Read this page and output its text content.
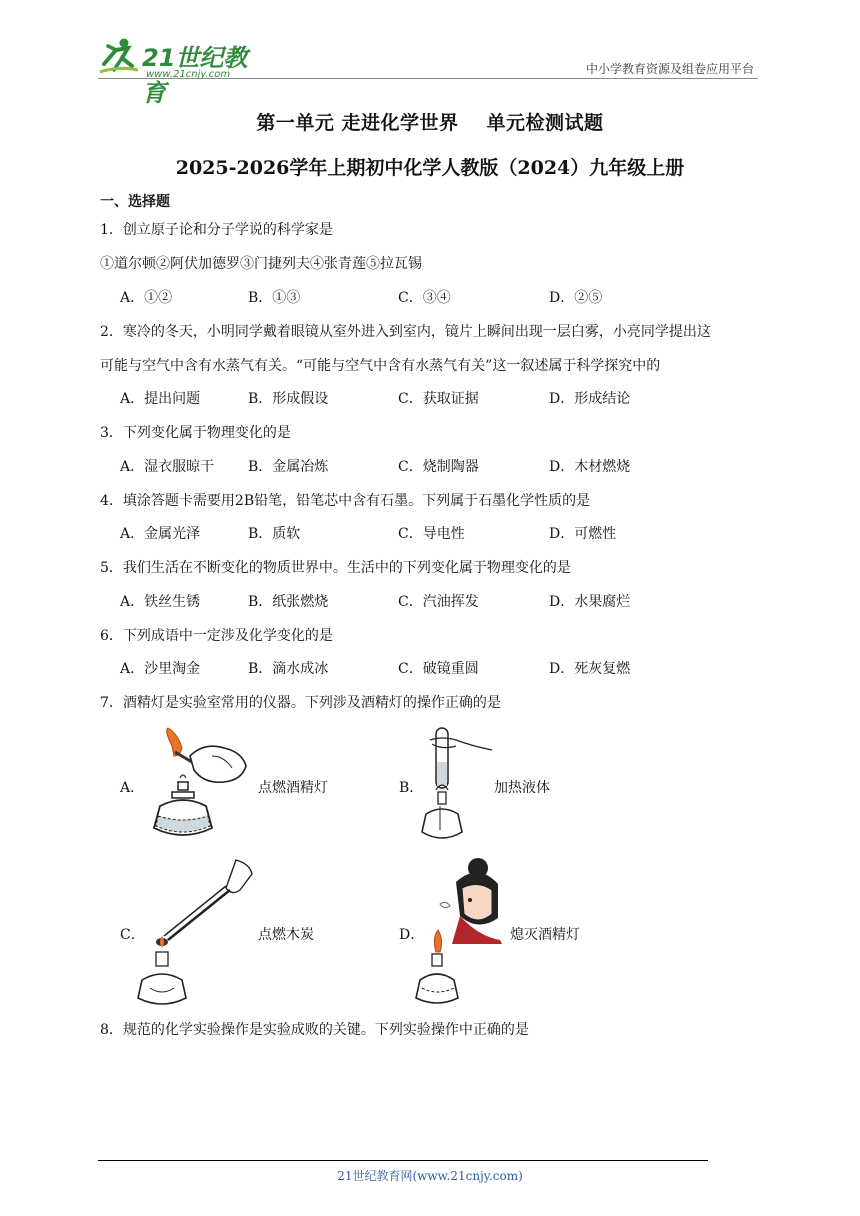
21世纪教育
www.21cnjy.com	中小学教育资源及组卷应用平台
第一单元 走进化学世界 单元检测试题
2025-2026学年上期初中化学人教版（2024）九年级上册
一、选择题
1．创立原子论和分子学说的科学家是
①道尔顿②阿伏加德罗③门捷列夫④张青莲⑤拉瓦锡
A．①②	B．①③	C．③④	D．②⑤
2．寒冷的冬天，小明同学戴着眼镜从室外进入到室内，镜片上瞬间出现一层白雾，小亮同学提出这
可能与空气中含有水蒸气有关。“可能与空气中含有水蒸气有关”这一叙述属于科学探究中的
A．提出问题	B．形成假设	C．获取证据	D．形成结论
3．下列变化属于物理变化的是
A．湿衣服晾干 B．金属冶炼	C．烧制陶器	D．木材燃烧
4．填涂答题卡需要用2B铅笔，铅笔芯中含有石墨。下列属于石墨化学性质的是
A．金属光泽	B．质软	C．导电性	D．可燃性
5．我们生活在不断变化的物质世界中。生活中的下列变化属于物理变化的是
A．铁丝生锈	B．纸张燃烧	C．汽油挥发	D．水果腐烂
6．下列成语中一定涉及化学变化的是
A．沙里淘金	B．滴水成冰	C．破镜重圆	D．死灰复燃
7．酒精灯是实验室常用的仪器。下列涉及酒精灯的操作正确的是
A．	点燃酒精灯	B．	加热液体
C．	点燃木炭	D．	熄灭酒精灯
8．规范的化学实验操作是实验成败的关键。下列实验操作中正确的是
21世纪教育网(www.21cnjy.com)
